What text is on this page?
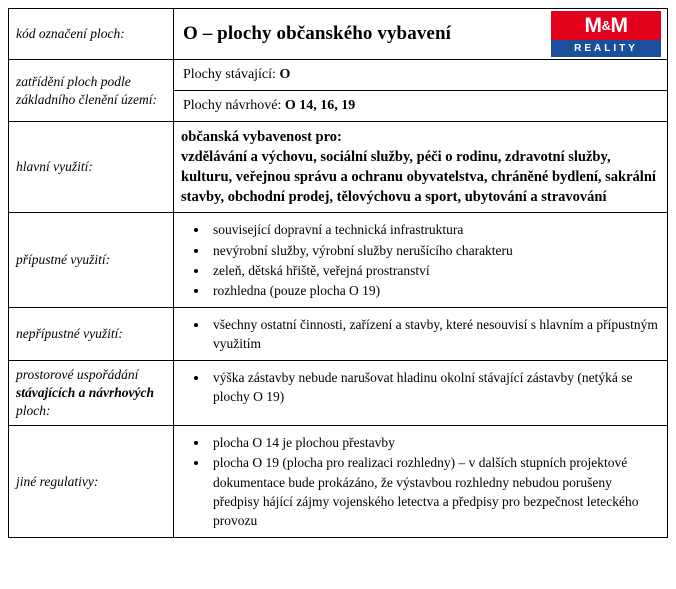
kód označení ploch:	O – plochy občanského vybavení M & M
REALITY

zatřídění ploch podle základního členění území:	Plochy stávající: O
Plochy návrhové: O 14, 16, 19

hlavní využití:	občanská vybavenost pro:
vzdělávání a výchovu, sociální služby, péči o rodinu, zdravotní služby, kulturu, veřejnou správu a ochranu obyvatelstva, chráněné bydlení, sakrální stavby, obchodní prodej, tělovýchovu a sport, ubytování a stravování

přípustné využití:	
• související dopravní a technická infrastruktura
• nevýrobní služby, výrobní služby nerušícího charakteru
• zeleň, dětská hřiště, veřejná prostranství
• rozhledna (pouze plocha O 19)

nepřípustné využití:	
• všechny ostatní činnosti, zařízení a stavby, které nesouvisí s hlavním a přípustným využitím

prostorové uspořádání stávajících a návrhových ploch:	
• výška zástavby nebude narušovat hladinu okolní stávající zástavby (netýká se plochy O 19)

jiné regulativy:	
• plocha O 14 je plochou přestavby
• plocha O 19 (plocha pro realizaci rozhledny) – v dalších stupních projektové dokumentace bude prokázáno, že výstavbou rozhledny nebudou porušeny předpisy hájící zájmy vojenského letectva a předpisy pro bezpečnost leteckého provozu
